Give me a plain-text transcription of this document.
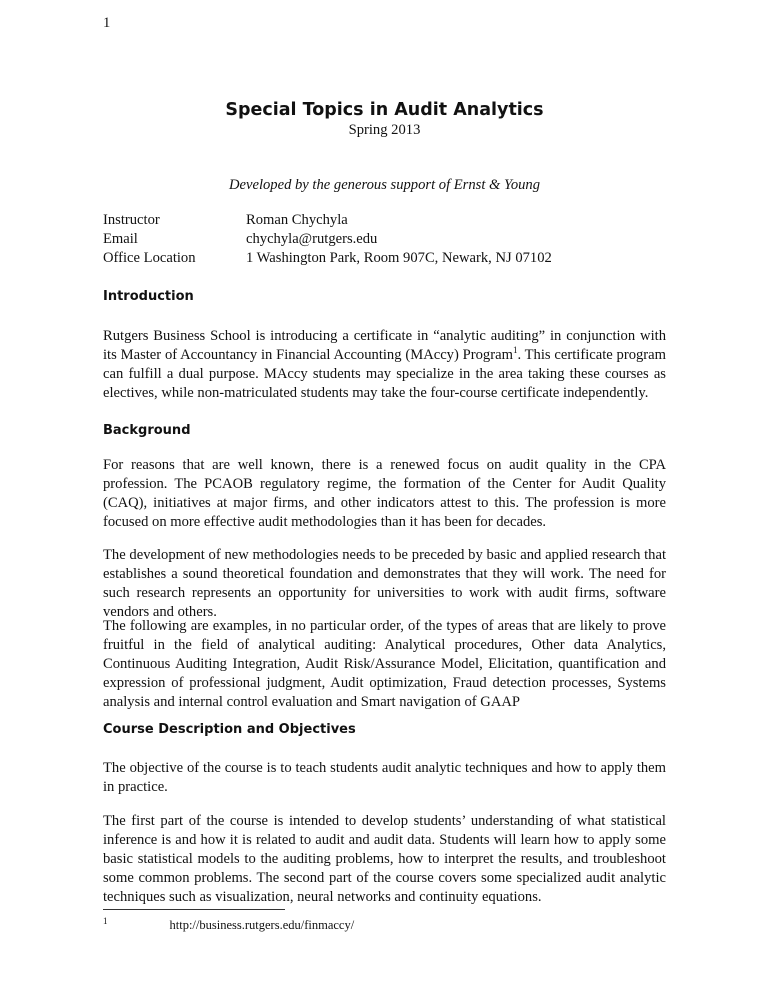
1

Special Topics in Audit Analytics

Spring 2013

Developed by the generous support of Ernst & Young
Instructor	Roman Chychyla
Email	chychyla@rutgers.edu
Office Location	1 Washington Park, Room 907C, Newark, NJ 07102
Introduction

Rutgers Business School is introducing a certificate in “analytic auditing” in conjunction with its Master of Accountancy in Financial Accounting (MAccy) Program$^1$. This certificate program can fulfill a dual purpose. MAccy students may specialize in the area taking these courses as electives, while non-matriculated students may take the four-course certificate independently.

Background

For reasons that are well known, there is a renewed focus on audit quality in the CPA profession. The PCAOB regulatory regime, the formation of the Center for Audit Quality (CAQ), initiatives at major firms, and other indicators attest to this. The profession is more focused on more effective audit methodologies than it has been for decades.

The development of new methodologies needs to be preceded by basic and applied research that establishes a sound theoretical foundation and demonstrates that they will work. The need for such research represents an opportunity for universities to work with audit firms, software vendors and others.

The following are examples, in no particular order, of the types of areas that are likely to prove fruitful in the field of analytical auditing: Analytical procedures, Other data Analytics, Continuous Auditing Integration, Audit Risk/Assurance Model, Elicitation, quantification and expression of professional judgment, Audit optimization, Fraud detection processes, Systems analysis and internal control evaluation and Smart navigation of GAAP

Course Description and Objectives

The objective of the course is to teach students audit analytic techniques and how to apply them in practice.

The first part of the course is intended to develop students’ understanding of what statistical inference is and how it is related to audit and audit data. Students will learn how to apply some basic statistical models to the auditing problems, how to interpret the results, and troubleshoot some common problems. The second part of the course covers some specialized audit analytic techniques such as visualization, neural networks and continuity equations.

$^1$	http://business.rutgers.edu/finmaccy/
